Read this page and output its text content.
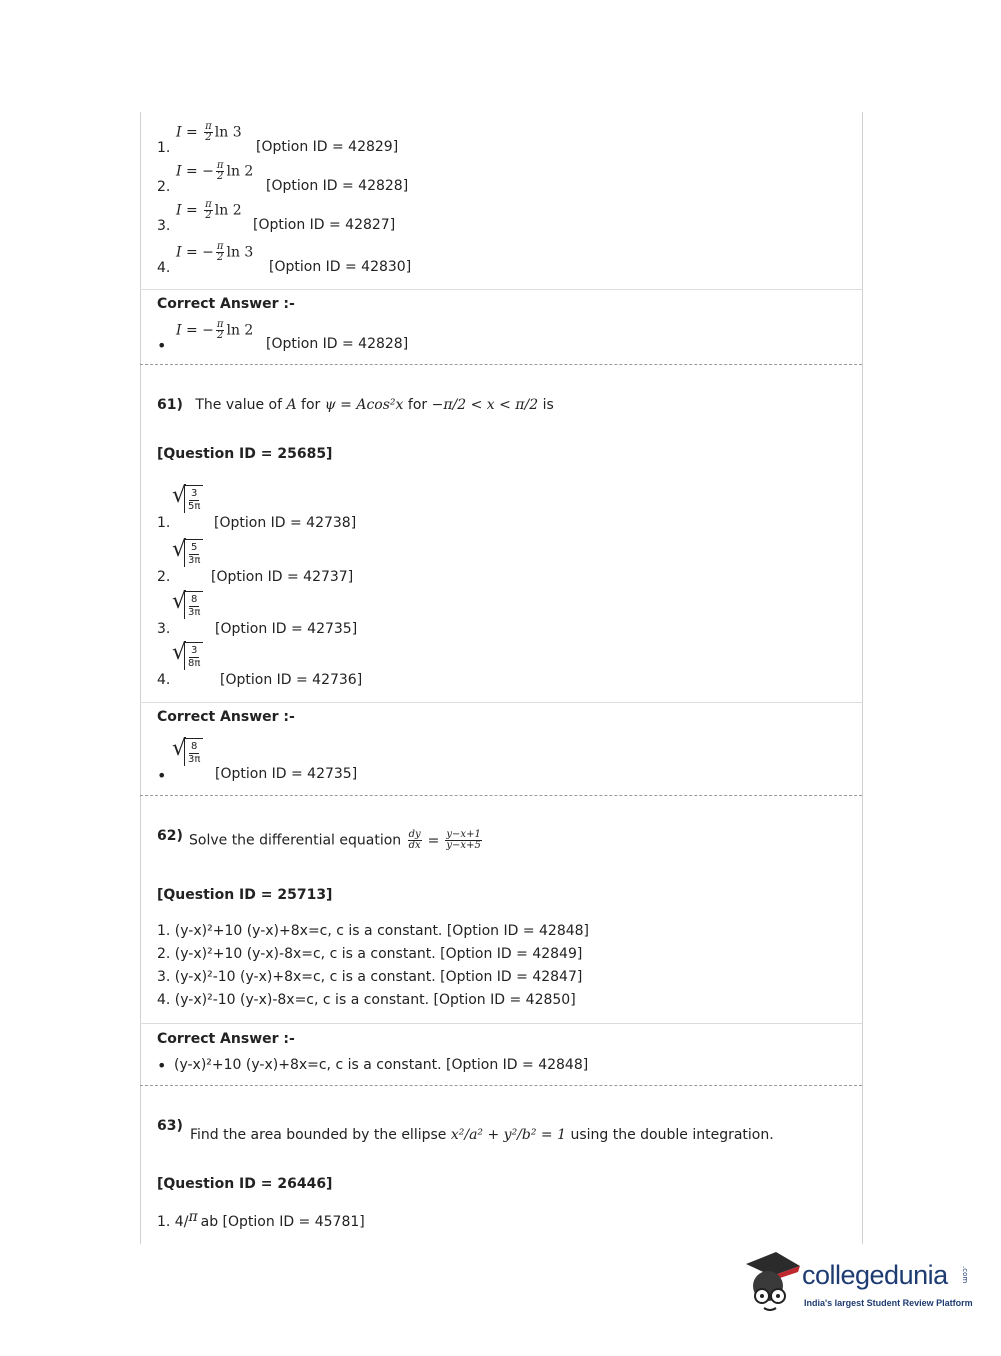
1.
$I = \frac{\pi}{2}$ ln 3
[Option ID = 42829]
2.
I = − $\frac{\pi}{2}$ ln 2
[Option ID = 42828]
3.
$I = \frac{\pi}{2}$ ln 2
[Option ID = 42827]
4.
I = − $\frac{\pi}{2}$ ln 3
[Option ID = 42830]
Correct Answer :-
•
I = − $\frac{\pi}{2}$ ln 2
[Option ID = 42828]
61) The value of A for ψ = Acos²x for −π/2 < x < π/2 is
[Question ID = 25685]
1.
√
$\frac{3}{5\pi}$
[Option ID = 42738]
2.
√
$\frac{5}{3\pi}$
[Option ID = 42737]
3.
√
$\frac{8}{3\pi}$
[Option ID = 42735]
4.
√
$\frac{3}{8\pi}$
[Option ID = 42736]
Correct Answer :-
•
√
$\frac{8}{3\pi}$
[Option ID = 42735]
62) Solve the differential equation $\frac{dy}{dx} = \frac{y-x+1}{y-x+5}$
[Question ID = 25713]
1. (y-x)²+10 (y-x)+8x=c, c is a constant. [Option ID = 42848]
2. (y-x)²+10 (y-x)-8x=c, c is a constant. [Option ID = 42849]
3. (y-x)²-10 (y-x)+8x=c, c is a constant. [Option ID = 42847]
4. (y-x)²-10 (y-x)-8x=c, c is a constant. [Option ID = 42850]
Correct Answer :-
• (y-x)²+10 (y-x)+8x=c, c is a constant. [Option ID = 42848]
63)
Find the area bounded by the ellipse x²/a² + y²/b² = 1 using the double integration.
[Question ID = 26446]
1. 4/π ab [Option ID = 45781]
collegedunia .com
India's largest Student Review Platform
